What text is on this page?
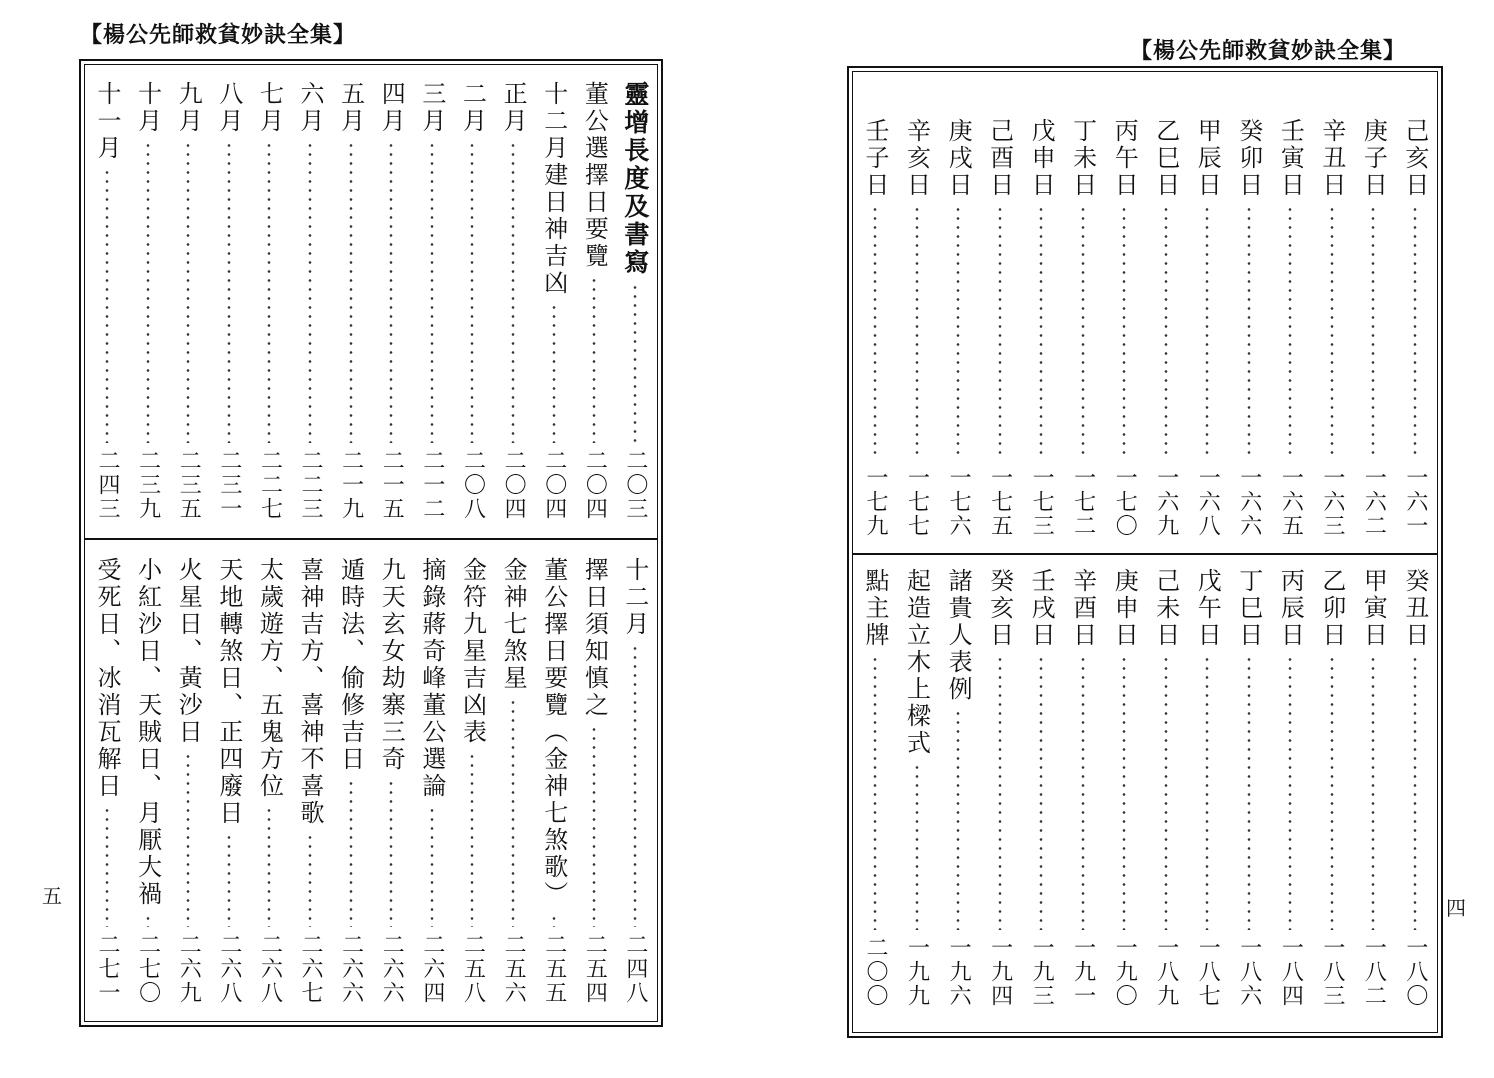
【楊公先師救貧妙訣全集】
靈增長度及書寫
二〇三
董公選擇日要覽
二〇四
十二月建日神吉凶
二〇四
正月
二〇四
二月
二〇八
三月
二一二
四月
二一五
五月
二一九
六月
二二三
七月
二二七
八月
二三一
九月
二三五
十月
二三九
十一月
二四三
十二月
二四八
擇日須知慎之
二五四
董公擇日要覽（金神七煞歌）
二五五
金神七煞星
二五六
金符九星吉凶表
二五八
摘錄蔣奇峰董公選論
二六四
九天玄女劫寨三奇
二六六
遁時法、偷修吉日
二六六
喜神吉方、喜神不喜歌
二六七
太歲遊方、五鬼方位
二六八
天地轉煞日、正四廢日
二六八
火星日、黃沙日
二六九
小紅沙日、天賊日、月厭大禍
二七〇
受死日、冰消瓦解日
二七一
五
【楊公先師救貧妙訣全集】
己亥日
一六一
庚子日
一六二
辛丑日
一六三
壬寅日
一六五
癸卯日
一六六
甲辰日
一六八
乙巳日
一六九
丙午日
一七〇
丁未日
一七二
戊申日
一七三
己酉日
一七五
庚戌日
一七六
辛亥日
一七七
壬子日
一七九
癸丑日
一八〇
甲寅日
一八二
乙卯日
一八三
丙辰日
一八四
丁巳日
一八六
戊午日
一八七
己未日
一八九
庚申日
一九〇
辛酉日
一九一
壬戌日
一九三
癸亥日
一九四
諸貴人表例
一九六
起造立木上樑式
一九九
點主牌
二〇〇
四
